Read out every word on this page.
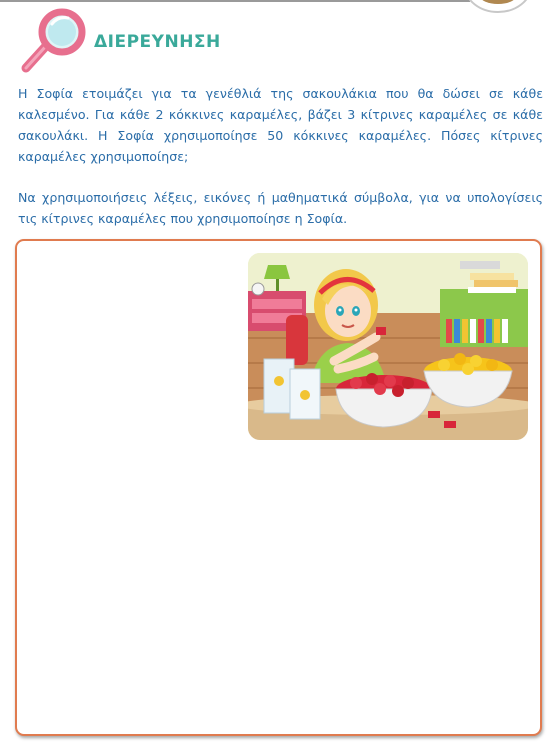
ΔΙΕΡΕΥΝΗΣΗ

Η Σοφία ετοιμάζει για τα γενέθλιά της σακουλάκια που θα δώσει σε κάθε καλεσμένο. Για κάθε 2 κόκκινες καραμέλες, βάζει 3 κίτρινες καραμέλες σε κάθε σακουλάκι. Η Σοφία χρησιμοποίησε 50 κόκκινες καραμέλες. Πόσες κίτρινες καραμέλες χρησιμοποίησε;

Να χρησιμοποιήσεις λέξεις, εικόνες ή μαθηματικά σύμβολα, για να υπολογίσεις τις κίτρινες καραμέλες που χρησιμοποίησε η Σοφία.
